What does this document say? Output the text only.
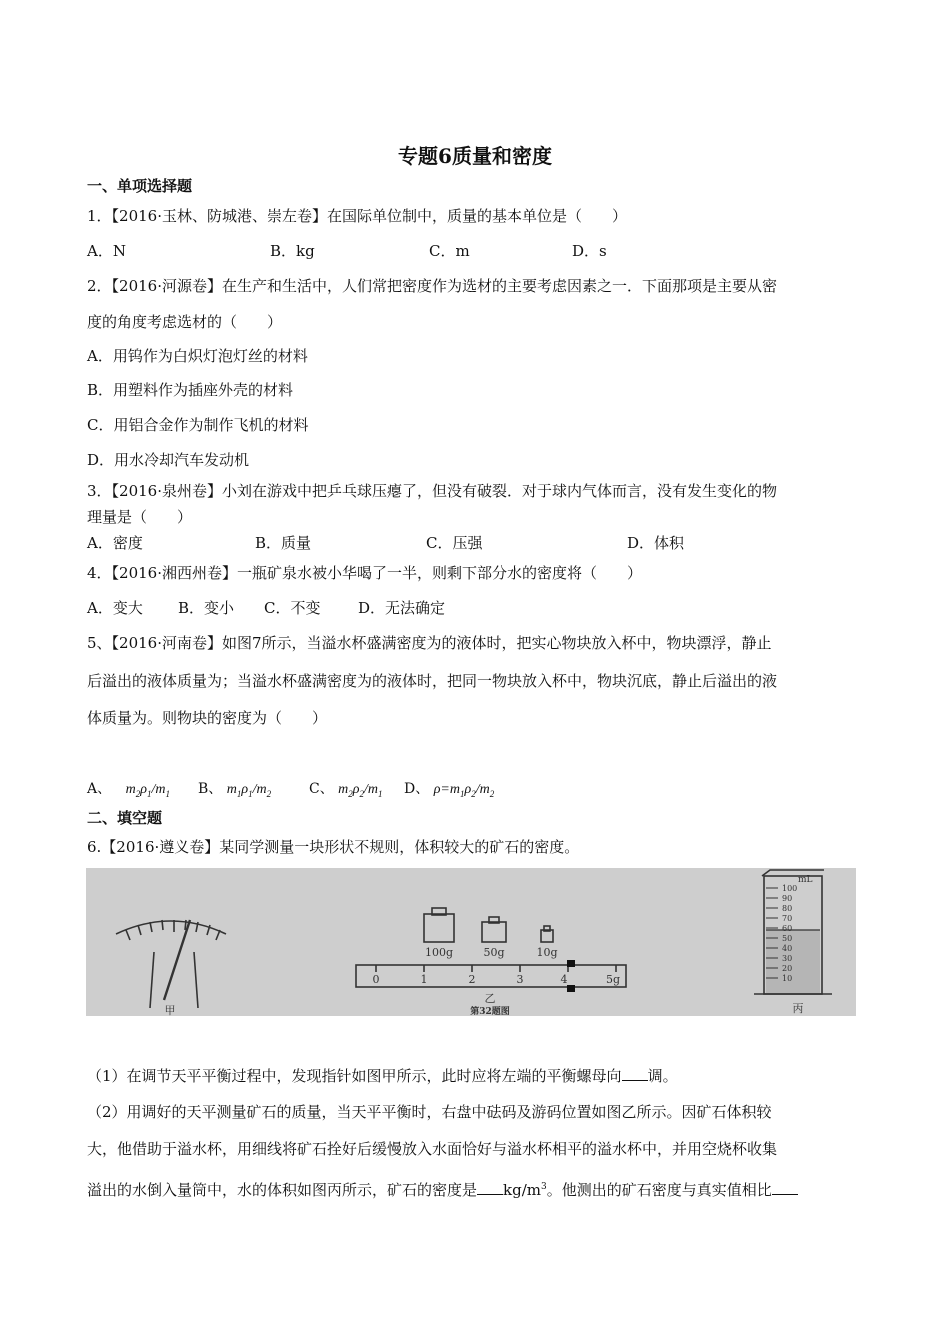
专题6质量和密度
一、单项选择题
1．【2016·玉林、防城港、崇左卷】在国际单位制中，质量的基本单位是（　　）
A．N	B．kg	C．m	D．s
2．【2016·河源卷】在生产和生活中，人们常把密度作为选材的主要考虑因素之一．下面那项是主要从密
度的角度考虑选材的（　　）
A．用钨作为白炽灯泡灯丝的材料
B．用塑料作为插座外壳的材料
C．用铝合金作为制作飞机的材料
D．用水冷却汽车发动机
3．【2016·泉州卷】小刘在游戏中把乒乓球压瘪了，但没有破裂．对于球内气体而言，没有发生变化的物
理量是（　　）
A．密度	B．质量	C．压强	D．体积
4．【2016·湘西州卷】一瓶矿泉水被小华喝了一半，则剩下部分水的密度将（　　）
A．变大 B．变小 C．不变	D．无法确定
5、【2016·河南卷】如图7所示，当溢水杯盛满密度为的液体时，把实心物块放入杯中，物块漂浮，静止
后溢出的液体质量为；当溢水杯盛满密度为的液体时，把同一物块放入杯中，物块沉底，静止后溢出的液
体质量为。则物块的密度为（　　）
A、 $m_2\rho_1/m_1$ B、 $m_1\rho_1/m_2$	C、 $m_2\rho_2/m_1$ D、 $\rho=m_1\rho_2/m_2$
二、填空题
6.【2016·遵义卷】某同学测量一块形状不规则，体积较大的矿石的密度。
甲
100g	50g	10g
0	1	2	3	4	5g
乙
第32题图
100
90
80
70
60
50
40
30
20
10
mL
丙
（1）在调节天平平衡过程中，发现指针如图甲所示，此时应将左端的平衡螺母向 调。
（2）用调好的天平测量矿石的质量，当天平平衡时，右盘中砝码及游码位置如图乙所示。因矿石体积较
大，他借助于溢水杯，用细线将矿石拴好后缓慢放入水面恰好与溢水杯相平的溢水杯中，并用空烧杯收集
溢出的水倒入量筒中，水的体积如图丙所示，矿石的密度是 $kg/m^3$。他测出的矿石密度与真实值相比
